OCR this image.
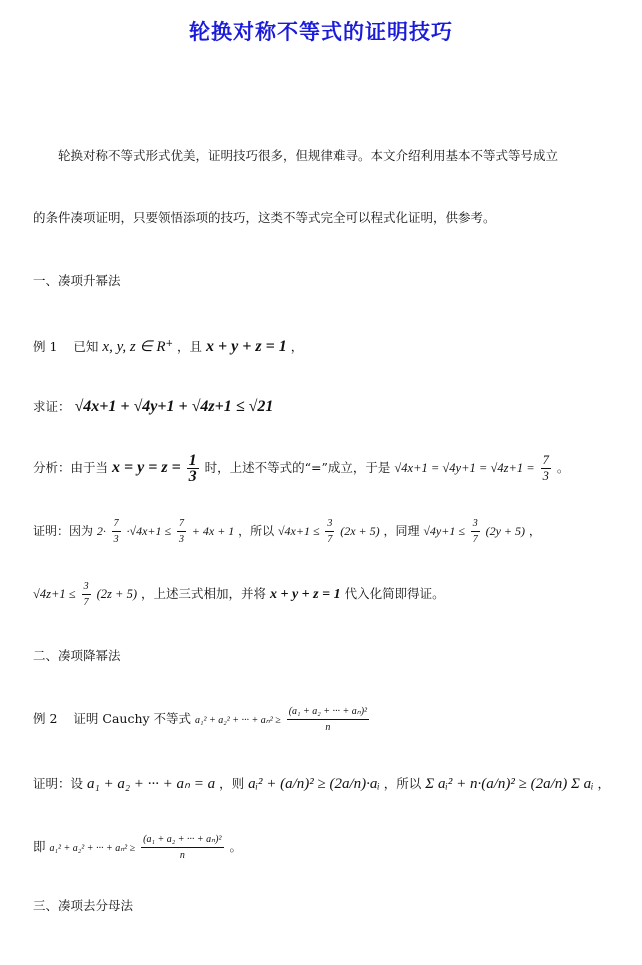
轮换对称不等式的证明技巧
轮换对称不等式形式优美，证明技巧很多，但规律难寻。本文介绍利用基本不等式等号成立
的条件凑项证明，只要领悟添项的技巧，这类不等式完全可以程式化证明，供参考。
一、凑项升幂法
例 1 已知 x, y, z ∈ R+ ，且 x + y + z = 1 ，
求证： √4x+1 + √4y+1 + √4z+1 ≤ √21
分析：由于当 $x = y = z = \frac{1}{3}$ 时，上述不等式的“=”成立，于是 $√4x+1 = √4y+1 = √4z+1 = \frac{7}{3}$ 。
证明：因为 $2\cdot \frac{7}{3} \cdot√4x+1 \le \frac{7}{3} + 4x + 1$ ，所以 $√4x+1 \le \frac{3}{7} (2x + 5)$ ，同理 $√4y+1 \le \frac{3}{7} (2y + 5)$ ，
$√4z+1 \le \frac{3}{7} (2z + 5)$ ，上述三式相加，并将 x + y + z = 1 代入化简即得证。
二、凑项降幂法
例 2 证明 Cauchy 不等式 a₁² + a₂² + ··· + $a_n^2 \ge \frac{\text{(a₁ + a₂ + ··· + aₙ)²}}{n}$
证明：设 a₁ + a₂ + ··· + aₙ = a ，则 aᵢ² + (a/n)² ≥ (2a/n)·aᵢ ，所以 Σ aᵢ² + n·(a/n)² ≥ (2a/n) Σ aᵢ ，
即 a₁² + a₂² + ··· + $a_n^2 \ge \frac{\text{(a₁ + a₂ + ··· + aₙ)²}}{n}$ 。
三、凑项去分母法
